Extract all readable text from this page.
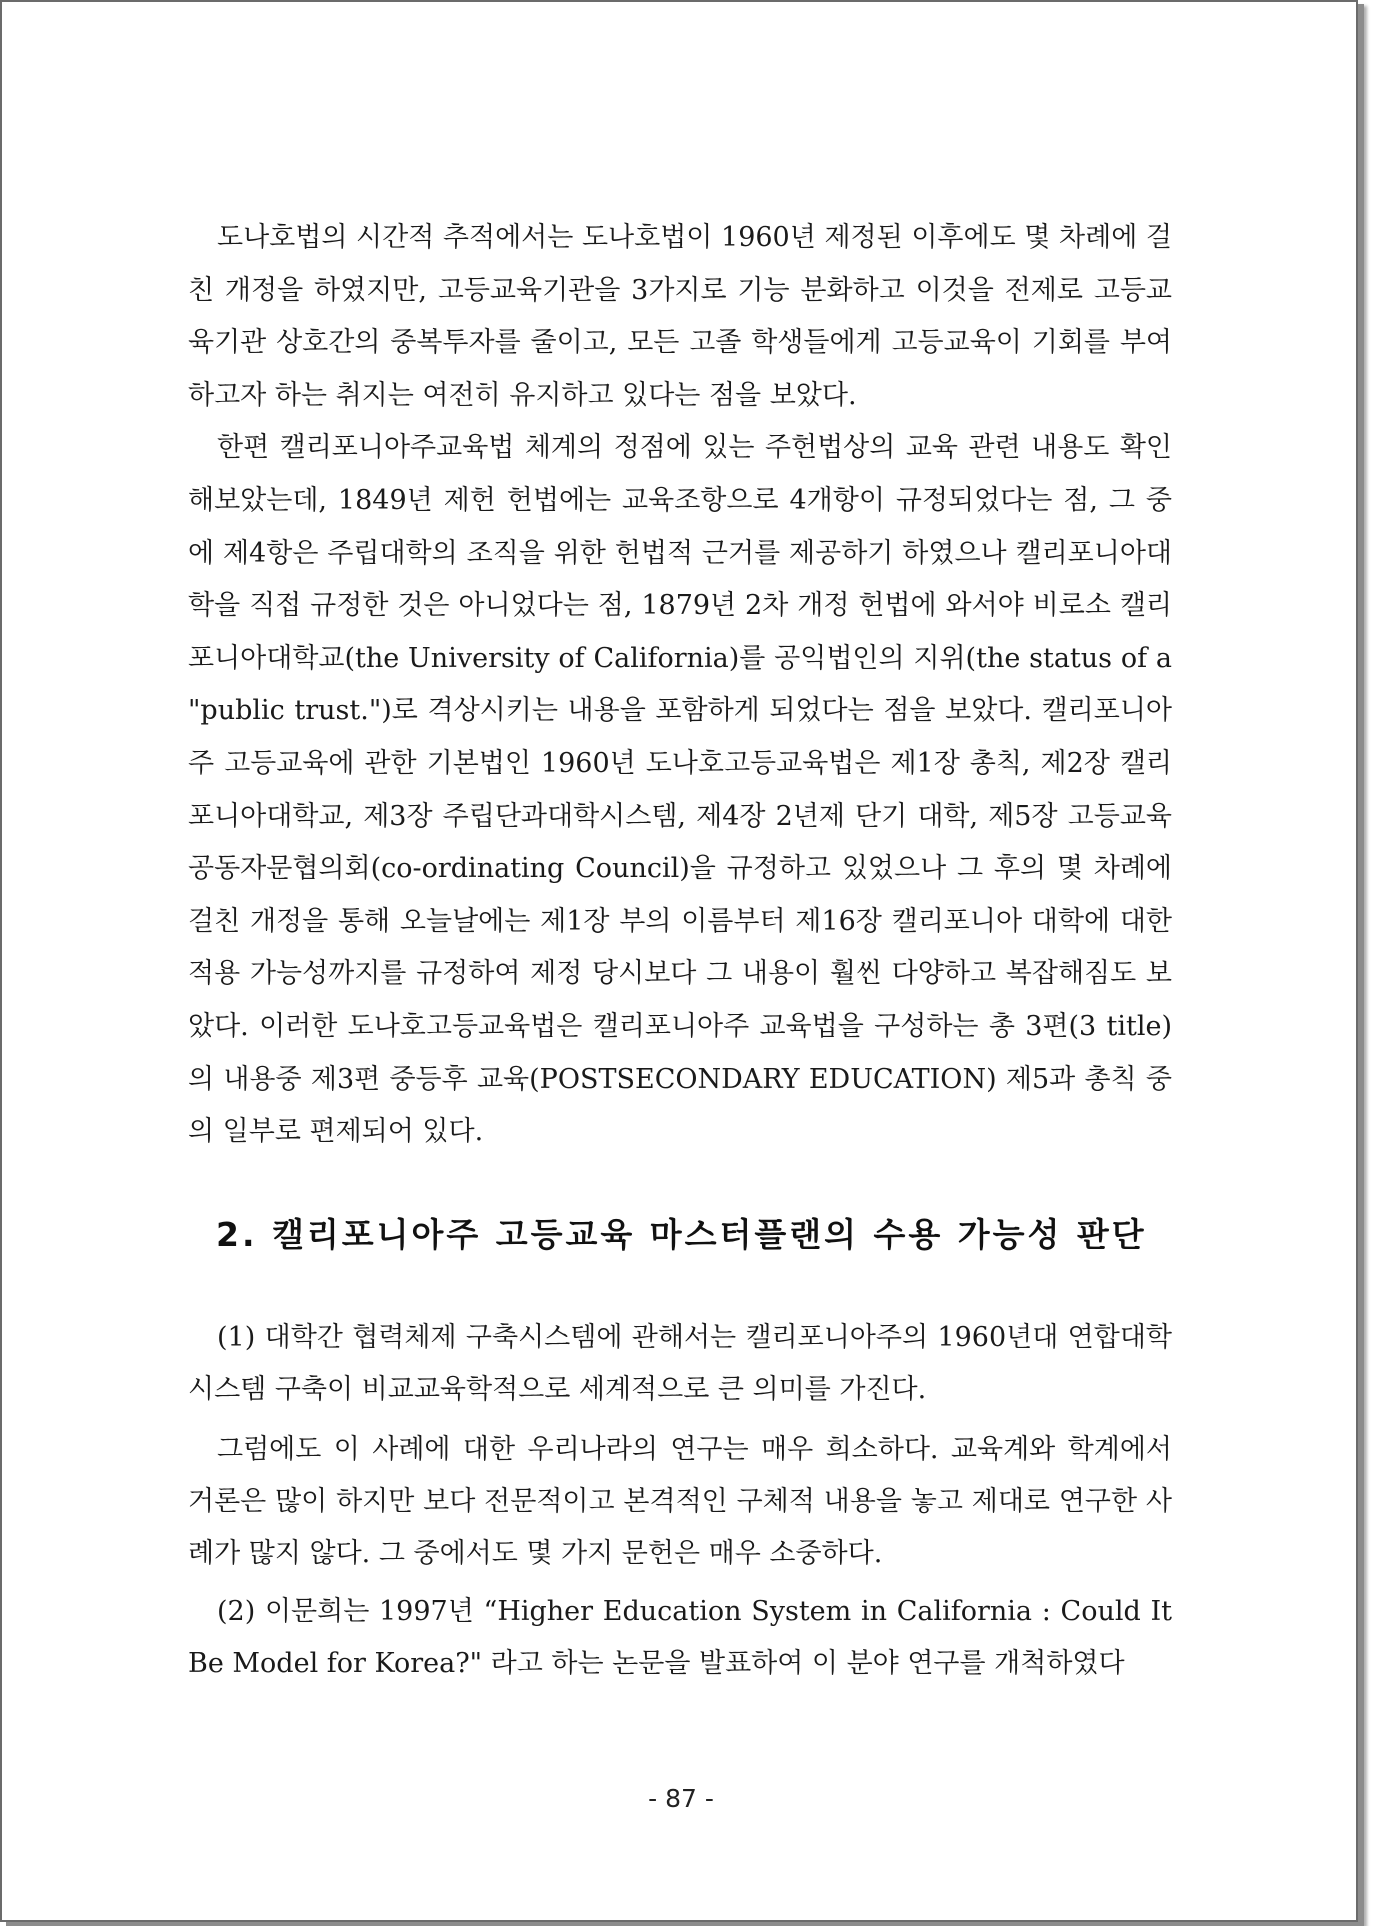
도나호법의 시간적 추적에서는 도나호법이 1960년 제정된 이후에도 몇 차례에 걸친 개정을 하였지만, 고등교육기관을 3가지로 기능 분화하고 이것을 전제로 고등교육기관 상호간의 중복투자를 줄이고, 모든 고졸 학생들에게 고등교육이 기회를 부여하고자 하는 취지는 여전히 유지하고 있다는 점을 보았다.

한편 캘리포니아주교육법 체계의 정점에 있는 주헌법상의 교육 관련 내용도 확인해보았는데, 1849년 제헌 헌법에는 교육조항으로 4개항이 규정되었다는 점, 그 중에 제4항은 주립대학의 조직을 위한 헌법적 근거를 제공하기 하였으나 캘리포니아대학을 직접 규정한 것은 아니었다는 점, 1879년 2차 개정 헌법에 와서야 비로소 캘리포니아대학교(the University of California)를 공익법인의 지위(the status of a "public trust.")로 격상시키는 내용을 포함하게 되었다는 점을 보았다. 캘리포니아주 고등교육에 관한 기본법인 1960년 도나호고등교육법은 제1장 총칙, 제2장 캘리포니아대학교, 제3장 주립단과대학시스템, 제4장 2년제 단기 대학, 제5장 고등교육공동자문협의회(co-ordinating Council)을 규정하고 있었으나 그 후의 몇 차례에 걸친 개정을 통해 오늘날에는 제1장 부의 이름부터 제16장 캘리포니아 대학에 대한 적용 가능성까지를 규정하여 제정 당시보다 그 내용이 훨씬 다양하고 복잡해짐도 보았다. 이러한 도나호고등교육법은 캘리포니아주 교육법을 구성하는 총 3편(3 title)의 내용중 제3편 중등후 교육(POSTSECONDARY EDUCATION) 제5과 총칙 중의 일부로 편제되어 있다.

2. 캘리포니아주 고등교육 마스터플랜의 수용 가능성 판단

(1) 대학간 협력체제 구축시스템에 관해서는 캘리포니아주의 1960년대 연합대학시스템 구축이 비교교육학적으로 세계적으로 큰 의미를 가진다.

그럼에도 이 사례에 대한 우리나라의 연구는 매우 희소하다. 교육계와 학계에서 거론은 많이 하지만 보다 전문적이고 본격적인 구체적 내용을 놓고 제대로 연구한 사례가 많지 않다. 그 중에서도 몇 가지 문헌은 매우 소중하다.

(2) 이문희는 1997년 “Higher Education System in California : Could It Be Model for Korea?" 라고 하는 논문을 발표하여 이 분야 연구를 개척하였다

- 87 -
